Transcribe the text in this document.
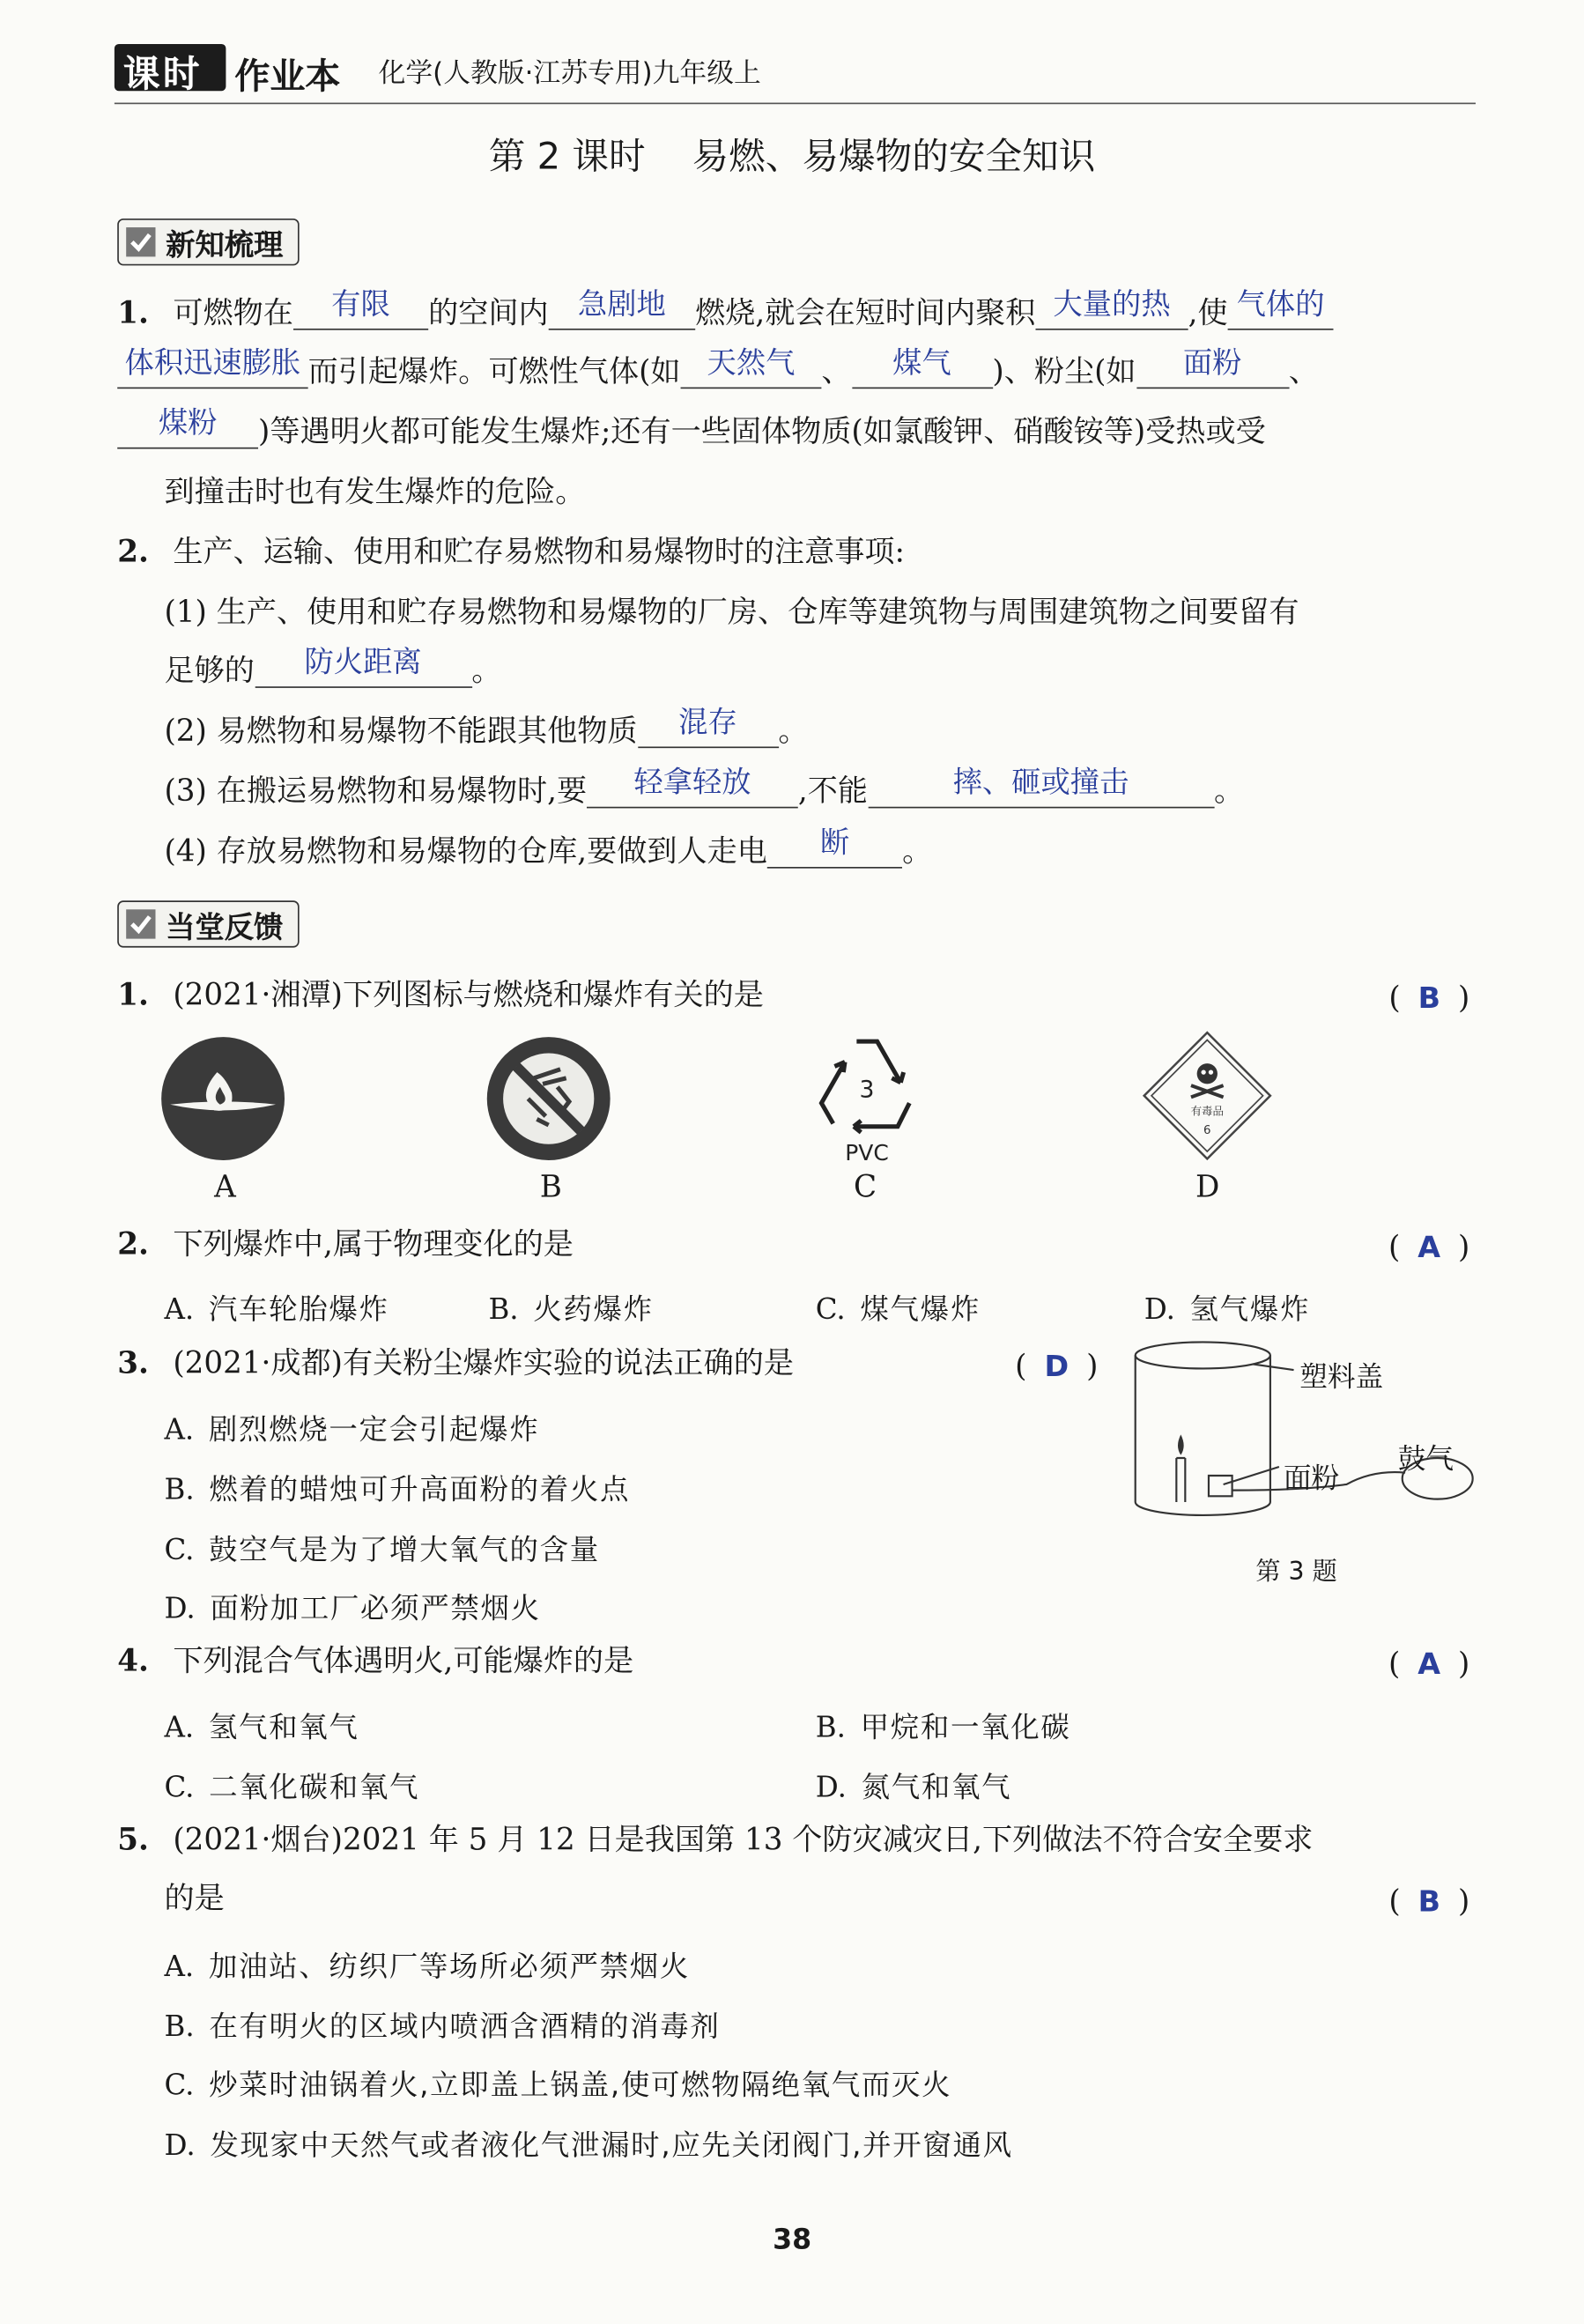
课时 作业本 化学(人教版·江苏专用)九年级上
第 2 课时    易燃、易爆物的安全知识
新知梳理
1. 可燃物在 有限 的空间内 急剧地 燃烧,就会在短时间内聚积 大量的热 ,使 气体的
体积迅速膨胀 而引起爆炸。可燃性气体(如 天然气 、 煤气 )、粉尘(如	面粉	、
煤粉 )等遇明火都可能发生爆炸;还有一些固体物质(如氯酸钾、硝酸铵等)受热或受
到撞击时也有发生爆炸的危险。
2. 生产、运输、使用和贮存易燃物和易爆物时的注意事项:
(1) 生产、使用和贮存易燃物和易爆物的厂房、仓库等建筑物与周围建筑物之间要留有
足够的	防火距离	。
(2) 易燃物和易爆物不能跟其他物质 混存 。
(3) 在搬运易燃物和易爆物时,要	轻拿轻放	,不能	摔、砸或撞击	。
(4) 存放易燃物和易爆物的仓库,要做到人走电	断	。
当堂反馈
1. (2021·湘潭)下列图标与燃烧和爆炸有关的是	( B )
3
PVC
有毒品
6
A	B	C	D
2. 下列爆炸中,属于物理变化的是	( A )
A. 汽车轮胎爆炸	B. 火药爆炸	C. 煤气爆炸	D. 氢气爆炸
3. (2021·成都)有关粉尘爆炸实验的说法正确的是	( D )
A. 剧烈燃烧一定会引起爆炸
B. 燃着的蜡烛可升高面粉的着火点
C. 鼓空气是为了增大氧气的含量
D. 面粉加工厂必须严禁烟火
塑料盖
面粉
鼓气
第 3 题
4. 下列混合气体遇明火,可能爆炸的是	( A )
A. 氢气和氧气	B. 甲烷和一氧化碳
C. 二氧化碳和氧气	D. 氮气和氧气
5. (2021·烟台)2021 年 5 月 12 日是我国第 13 个防灾减灾日,下列做法不符合安全要求
的是	( B )
A. 加油站、纺织厂等场所必须严禁烟火
B. 在有明火的区域内喷洒含酒精的消毒剂
C. 炒菜时油锅着火,立即盖上锅盖,使可燃物隔绝氧气而灭火
D. 发现家中天然气或者液化气泄漏时,应先关闭阀门,并开窗通风
38
